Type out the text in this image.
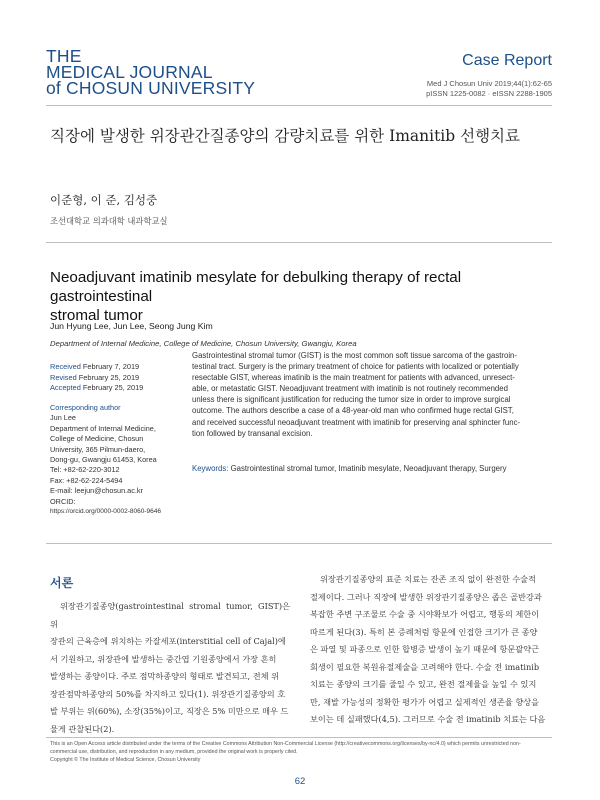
THE
MEDICAL JOURNAL
of CHOSUN UNIVERSITY
Case Report
Med J Chosun Univ 2019;44(1):62-65
pISSN 1225-0082 · eISSN 2288-1905
직장에 발생한 위장관간질종양의 감량치료를 위한 Imanitib 선행치료
이준형, 이 준, 김성중
조선대학교 의과대학 내과학교실
Neoadjuvant imatinib mesylate for debulking therapy of rectal gastrointestinal
stromal tumor
Jun Hyung Lee, Jun Lee, Seong Jung Kim
Department of Internal Medicine, College of Medicine, Chosun University, Gwangju, Korea
Received February 7, 2019
Revised February 25, 2019
Accepted February 25, 2019
Corresponding author
Jun Lee
Department of Internal Medicine,
College of Medicine, Chosun
University, 365 Pilmun-daero,
Dong-gu, Gwangju 61453, Korea
Tel: +82-62-220-3012
Fax: +82-62-224-5494
E-mail: leejun@chosun.ac.kr
ORCID:
https://orcid.org/0000-0002-8060-9646
Gastrointestinal stromal tumor (GIST) is the most common soft tissue sarcoma of the gastroin-
testinal tract. Surgery is the primary treatment of choice for patients with localized or potentially
resectable GIST, whereas imatinib is the main treatment for patients with advanced, unresect-
able, or metastatic GIST. Neoadjuvant treatment with imatinib is not routinely recommended
unless there is significant justification for reducing the tumor size in order to improve surgical
outcome. The authors describe a case of a 48-year-old man who confirmed huge rectal GIST,
and received successful neoadjuvant treatment with imatinib for preserving anal sphincter func-
tion followed by transanal excision.
Keywords: Gastrointestinal stromal tumor, Imatinib mesylate, Neoadjuvant therapy, Surgery
서론
위장관기질종양(gastrointestinal stromal tumor, GIST)은 위
장관의 근육층에 위치하는 카잘세포(interstitial cell of Cajal)에
서 기원하고, 위장관에 발생하는 중간엽 기원종양에서 가장 흔히
발생하는 종양이다. 주로 점막하종양의 형태로 발견되고, 전체 위
장관점막하종양의 50%를 차지하고 있다(1). 위장관기질종양의 호
발 부위는 위(60%), 소장(35%)이고, 직장은 5% 미만으로 매우 드
물게 관찰된다(2).
위장관기질종양의 표준 치료는 잔존 조직 없이 완전한 수술적
절제이다. 그러나 직장에 발생한 위장관기질종양은 좁은 골반강과
복잡한 주변 구조물로 수술 중 시야확보가 어렵고, 행동의 제한이
따르게 된다(3). 특히 본 증례처럼 항문에 인접한 크기가 큰 종양
은 파열 및 파종으로 인한 합병증 발생이 높기 때문에 항문괄약근
회생이 필요한 복원유절제술을 고려해야 한다. 수술 전 imatinib
치료는 종양의 크기를 줄일 수 있고, 완전 절제율을 높일 수 있지
만, 재발 가능성의 정확한 평가가 어렵고 실제적인 생존율 향상을
보이는 데 실패했다(4,5). 그러므로 수술 전 imatinib 치료는 다음
This is an Open Access article distributed under the terms of the Creative Commons Attribution Non-Commercial License (http://creativecommons.org/licenses/by-nc/4.0) which permits unrestricted non-
commercial use, distribution, and reproduction in any medium, provided the original work is properly cited.
Copyright © The Institute of Medical Science, Chosun University
62
